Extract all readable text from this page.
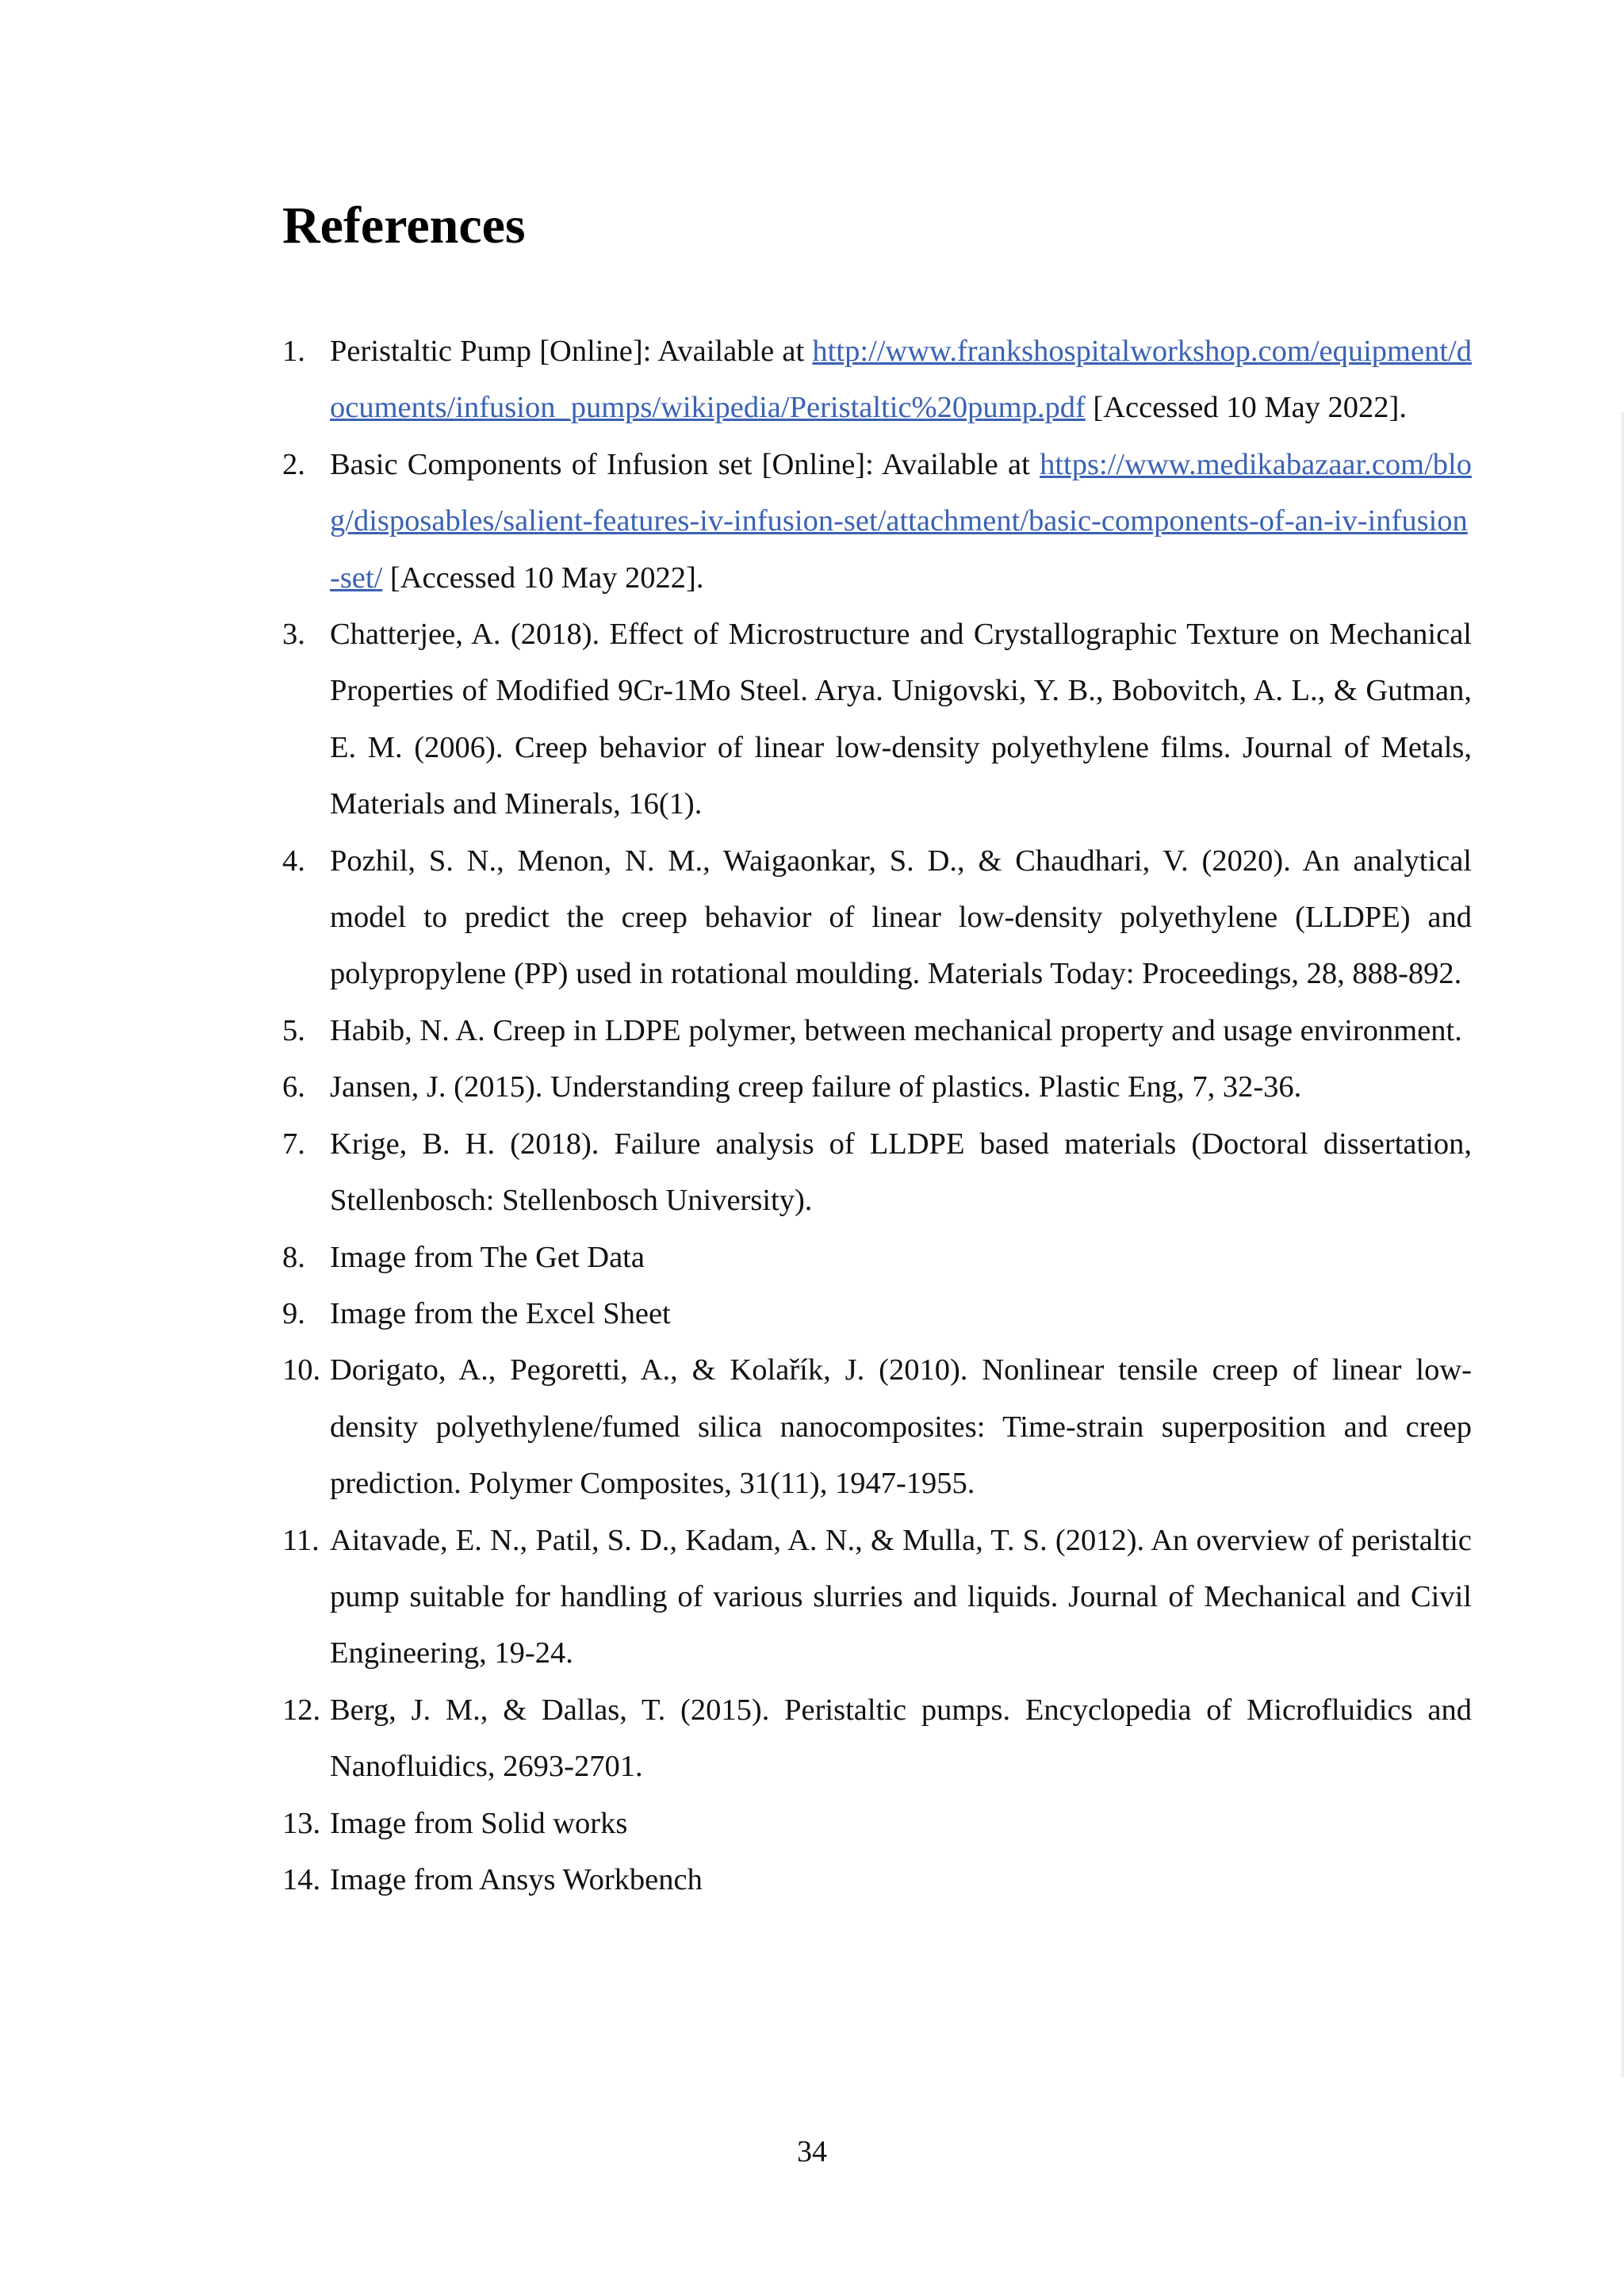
References
1. Peristaltic Pump [Online]: Available at http://www.frankshospitalworkshop.com/equipment/documents/infusion_pumps/wikipedia/Peristaltic%20pump.pdf [Accessed 10 May 2022].
2. Basic Components of Infusion set [Online]: Available at https://www.medikabazaar.com/blog/disposables/salient-features-iv-infusion-set/attachment/basic-components-of-an-iv-infusion-set/ [Accessed 10 May 2022].
3. Chatterjee, A. (2018). Effect of Microstructure and Crystallographic Texture on Mechanical Properties of Modified 9Cr-1Mo Steel. Arya. Unigovski, Y. B., Bobovitch, A. L., & Gutman, E. M. (2006). Creep behavior of linear low-density polyethylene films. Journal of Metals, Materials and Minerals, 16(1).
4. Pozhil, S. N., Menon, N. M., Waigaonkar, S. D., & Chaudhari, V. (2020). An analytical model to predict the creep behavior of linear low-density polyethylene (LLDPE) and polypropylene (PP) used in rotational moulding. Materials Today: Proceedings, 28, 888-892.
5. Habib, N. A. Creep in LDPE polymer, between mechanical property and usage environment.
6. Jansen, J. (2015). Understanding creep failure of plastics. Plastic Eng, 7, 32-36.
7. Krige, B. H. (2018). Failure analysis of LLDPE based materials (Doctoral dissertation, Stellenbosch: Stellenbosch University).
8. Image from The Get Data
9. Image from the Excel Sheet
10. Dorigato, A., Pegoretti, A., & Kolařík, J. (2010). Nonlinear tensile creep of linear low-density polyethylene/fumed silica nanocomposites: Time-strain superposition and creep prediction. Polymer Composites, 31(11), 1947-1955.
11. Aitavade, E. N., Patil, S. D., Kadam, A. N., & Mulla, T. S. (2012). An overview of peristaltic pump suitable for handling of various slurries and liquids. Journal of Mechanical and Civil Engineering, 19-24.
12. Berg, J. M., & Dallas, T. (2015). Peristaltic pumps. Encyclopedia of Microfluidics and Nanofluidics, 2693-2701.
13. Image from Solid works
14. Image from Ansys Workbench
34
